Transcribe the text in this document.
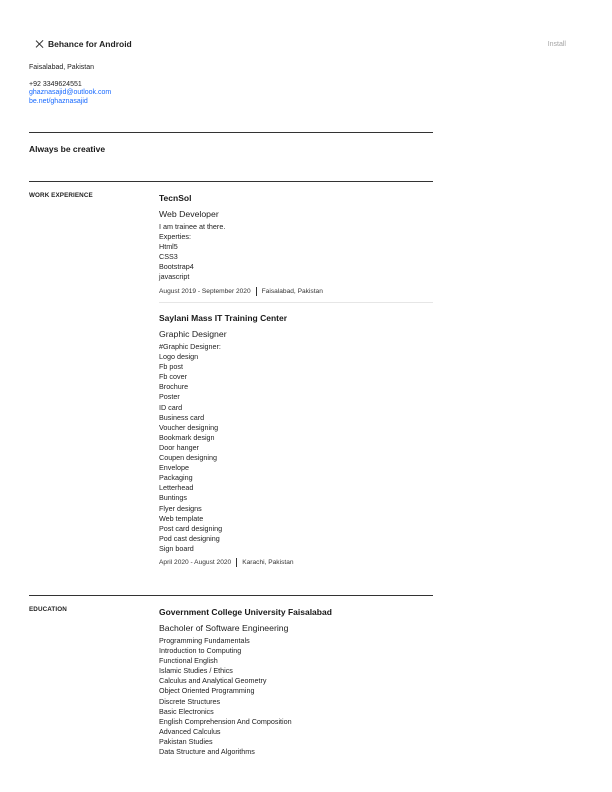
Behance for Android	Install
Faisalabad, Pakistan
+92 3349624551
ghaznasajid@outlook.com
be.net/ghaznasajid
Always be creative
WORK EXPERIENCE	TecnSol
Web Developer
I am trainee at there.
Experties:
Html5
CSS3
Bootstrap4
javascript
August 2019 - September 2020 Faisalabad, Pakistan
Saylani Mass IT Training Center
Graphic Designer
#Graphic Designer:
Logo design
Fb post
Fb cover
Brochure
Poster
ID card
Business card
Voucher designing
Bookmark design
Door hanger
Coupen designing
Envelope
Packaging
Letterhead
Buntings
Flyer designs
Web template
Post card designing
Pod cast designing
Sign board
April 2020 - August 2020 Karachi, Pakistan
EDUCATION	Government College University Faisalabad
Bacholer of Software Engineering
Programming Fundamentals
Introduction to Computing
Functional English
Islamic Studies / Ethics
Calculus and Analytical Geometry
Object Oriented Programming
Discrete Structures
Basic Electronics
English Comprehension And Composition
Advanced Calculus
Pakistan Studies
Data Structure and Algorithms
